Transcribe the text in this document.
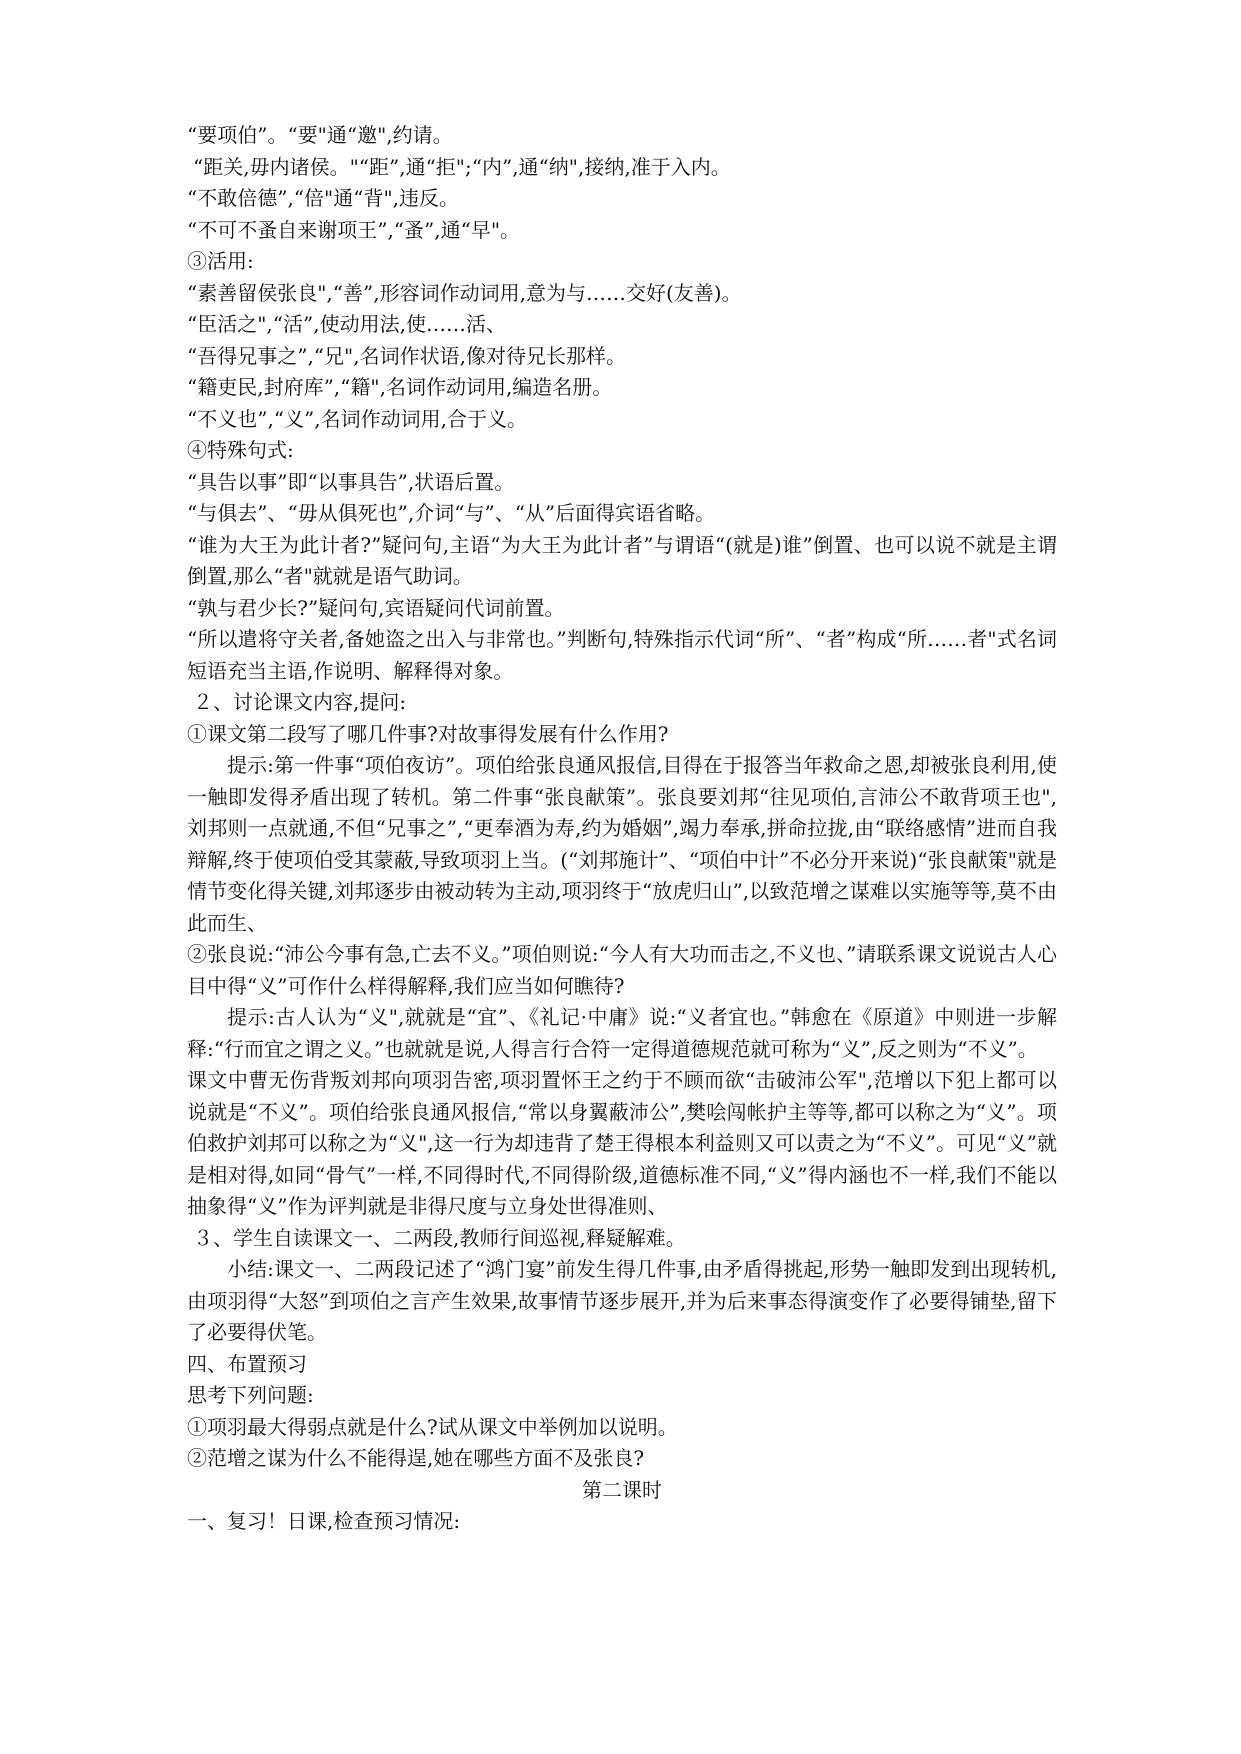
“要项伯”。“要"通“邀",约请。
“距关,毋内诸侯。"“距”,通“拒";“内”,通“纳",接纳,准于入内。
“不敢倍德”,“倍"通“背",违反。
“不可不蚤自来谢项王”,“蚤”,通“早"。
③活用:
“素善留侯张良",“善”,形容词作动词用,意为与……交好(友善)。
“臣活之",“活”,使动用法,使……活、
“吾得兄事之”,“兄",名词作状语,像对待兄长那样。
“籍吏民,封府库”,“籍",名词作动词用,编造名册。
“不义也”,“义”,名词作动词用,合于义。
④特殊句式:
“具告以事”即“以事具告”,状语后置。
“与俱去”、“毋从俱死也”,介词“与”、“从”后面得宾语省略。
“谁为大王为此计者?”疑问句,主语“为大王为此计者”与谓语“(就是)谁”倒置、也可以说不就是主谓倒置,那么“者"就就是语气助词。
“孰与君少长?”疑问句,宾语疑问代词前置。
“所以遣将守关者,备她盗之出入与非常也。”判断句,特殊指示代词“所”、“者”构成“所……者"式名词短语充当主语,作说明、解释得对象。
２、讨论课文内容,提问:
①课文第二段写了哪几件事?对故事得发展有什么作用?
提示:第一件事“项伯夜访”。项伯给张良通风报信,目得在于报答当年救命之恩,却被张良利用,使一触即发得矛盾出现了转机。第二件事“张良献策”。张良要刘邦“往见项伯,言沛公不敢背项王也",刘邦则一点就通,不但“兄事之”,“更奉酒为寿,约为婚姻”,竭力奉承,拼命拉拢,由“联络感情”进而自我辩解,终于使项伯受其蒙蔽,导致项羽上当。(“刘邦施计”、“项伯中计”不必分开来说)“张良献策"就是情节变化得关键,刘邦逐步由被动转为主动,项羽终于“放虎归山”,以致范增之谋难以实施等等,莫不由此而生、
②张良说:“沛公今事有急,亡去不义。”项伯则说:“今人有大功而击之,不义也、”请联系课文说说古人心目中得“义”可作什么样得解释,我们应当如何瞧待?
提示:古人认为“义",就就是“宜”、《礼记·中庸》说:“义者宜也。”韩愈在《原道》中则进一步解释:“行而宜之谓之义。”也就就是说,人得言行合符一定得道德规范就可称为“义”,反之则为“不义”。
课文中曹无伤背叛刘邦向项羽告密,项羽置怀王之约于不顾而欲“击破沛公军",范增以下犯上都可以说就是“不义”。项伯给张良通风报信,“常以身翼蔽沛公”,樊哙闯帐护主等等,都可以称之为“义”。项伯救护刘邦可以称之为“义",这一行为却违背了楚王得根本利益则又可以责之为“不义”。可见“义”就是相对得,如同“骨气”一样,不同得时代,不同得阶级,道德标准不同,“义”得内涵也不一样,我们不能以抽象得“义”作为评判就是非得尺度与立身处世得准则、
３、学生自读课文一、二两段,教师行间巡视,释疑解难。
小结:课文一、二两段记述了“鸿门宴”前发生得几件事,由矛盾得挑起,形势一触即发到出现转机,由项羽得“大怒”到项伯之言产生效果,故事情节逐步展开,并为后来事态得演变作了必要得铺垫,留下了必要得伏笔。
四、布置预习
思考下列问题:
①项羽最大得弱点就是什么?试从课文中举例加以说明。
②范增之谋为什么不能得逞,她在哪些方面不及张良?
第二课时
一、复习！日课,检查预习情况:
